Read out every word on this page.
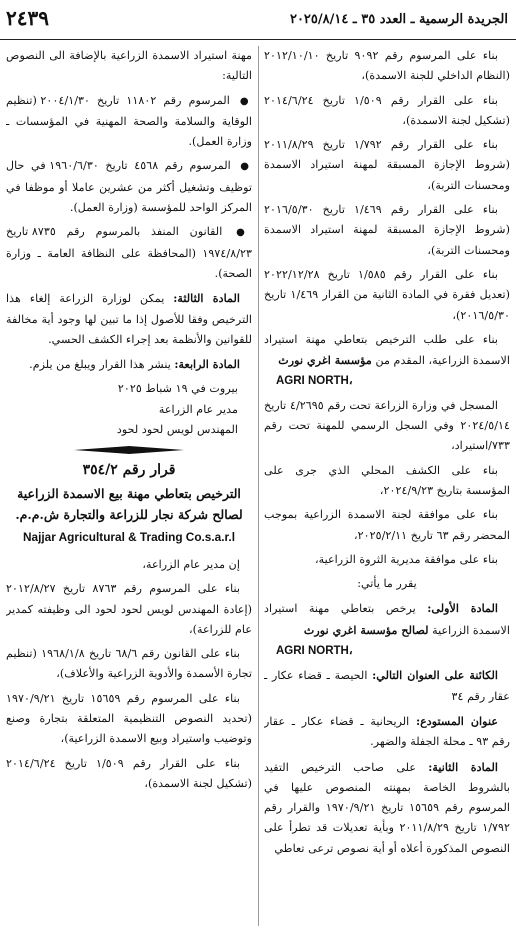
الجريدة الرسمية ـ العدد ٣٥ ـ ٢٠٢٥/٨/١٤
٢٤٣٩

بناء على المرسوم رقم ٩٠٩٢ تاريخ ٢٠١٢/١٠/١٠ (النظام الداخلي للجنة الاسمدة)،

بناء على القرار رقم ١/٥٠٩ تاريخ ٢٠١٤/٦/٢٤ (تشكيل لجنة الاسمدة)،

بناء على القرار رقم ١/٧٩٢ تاريخ ٢٠١١/٨/٢٩ (شروط الإجازة المسبقة لمهنة استيراد الاسمدة ومحسنات التربة)،

بناء على القرار رقم ١/٤٦٩ تاريخ ٢٠١٦/٥/٣٠ (شروط الإجازة المسبقة لمهنة استيراد الاسمدة ومحسنات التربة)،

بناء على القرار رقم ١/٥٨٥ تاريخ ٢٠٢٢/١٢/٢٨ (تعديل فقرة في المادة الثانية من القرار ١/٤٦٩ تاريخ ٢٠١٦/٥/٣٠)،

بناء على طلب الترخيص بتعاطي مهنة استيراد الاسمدة الزراعية، المقدم من مؤسسة اغري نورث
AGRI NORTH،

المسجل في وزارة الزراعة تحت رقم ٤/٢٦٩٥ تاريخ ٢٠٢٤/٥/١٤ وفي السجل الرسمي للمهنة تحت رقم ٧٣٣/استيراد،

بناء على الكشف المحلي الذي جرى على المؤسسة بتاريخ ٢٠٢٤/٩/٢٣،

بناء على موافقة لجنة الاسمدة الزراعية بموجب المحضر رقم ٦٣ تاريخ ٢٠٢٥/٢/١١،

بناء على موافقة مديرية الثروة الزراعية،

يقرر ما يأتي:

المادة الأولى: يرخص بتعاطي مهنة استيراد الاسمدة الزراعية لصالح مؤسسة اغري نورث
AGRI NORTH،

الكائنة على العنوان التالي: الحيصة ـ قضاء عكار ـ عقار رقم ٣٤

عنوان المستودع: الريحانية ـ قضاء عكار ـ عقار رقم ٩٣ ـ محلة الجفلة والضهر.

المادة الثانية: على صاحب الترخيص التقيد بالشروط الخاصة بمهنته المنصوص عليها في المرسوم رقم ١٥٦٥٩ تاريخ ١٩٧٠/٩/٢١ والقرار رقم ١/٧٩٢ تاريخ ٢٠١١/٨/٢٩ وبأية تعديلات قد تطرأ على النصوص المذكورة أعلاه أو أية نصوص ترعى تعاطي

مهنة استيراد الاسمدة الزراعية بالإضافة الى النصوص التالية:

● المرسوم رقم ١١٨٠٢ تاريخ ٢٠٠٤/١/٣٠ (تنظيم الوقاية والسلامة والصحة المهنية في المؤسسات ـ وزارة العمل).

● المرسوم رقم ٤٥٦٨ تاريخ ١٩٦٠/٦/٣٠ في حال توظيف وتشغيل أكثر من عشرين عاملا أو موظفا في المركز الواحد للمؤسسة (وزارة العمل).

● القانون المنفذ بالمرسوم رقم ٨٧٣٥ تاريخ ١٩٧٤/٨/٢٣ (المحافظة على النظافة العامة ـ وزارة الصحة).

المادة الثالثة: يمكن لوزارة الزراعة إلغاء هذا الترخيص وفقا للأصول إذا ما تبين لها وجود أية مخالفة للقوانين والأنظمة بعد إجراء الكشف الحسي.

المادة الرابعة: ينشر هذا القرار ويبلغ من يلزم.

بيروت في ١٩ شباط ٢٠٢٥

مدير عام الزراعة

المهندس لويس لحود لحود

قرار رقم ٣٥٤/٢

الترخيص بتعاطي مهنة بيع الاسمدة الزراعية

لصالح شركة نجار للزراعة والتجارة ش.م.م.

Najjar Agricultural & Trading Co.s.a.r.l

إن مدير عام الزراعة،

بناء على المرسوم رقم ٨٧٦٣ تاريخ ٢٠١٢/٨/٢٧ (إعادة المهندس لويس لحود لحود الى وظيفته كمدير عام للزراعة)،

بناء على القانون رقم ٦٨/٦ تاريخ ١٩٦٨/١/٨ (تنظيم تجارة الأسمدة والأدوية الزراعية والأعلاف)،

بناء على المرسوم رقم ١٥٦٥٩ تاريخ ١٩٧٠/٩/٢١ (تحديد النصوص التنظيمية المتعلقة بتجارة وصنع وتوضيب واستيراد وبيع الاسمدة الزراعية)،

بناء على القرار رقم ١/٥٠٩ تاريخ ٢٠١٤/٦/٢٤ (تشكيل لجنة الاسمدة)،
